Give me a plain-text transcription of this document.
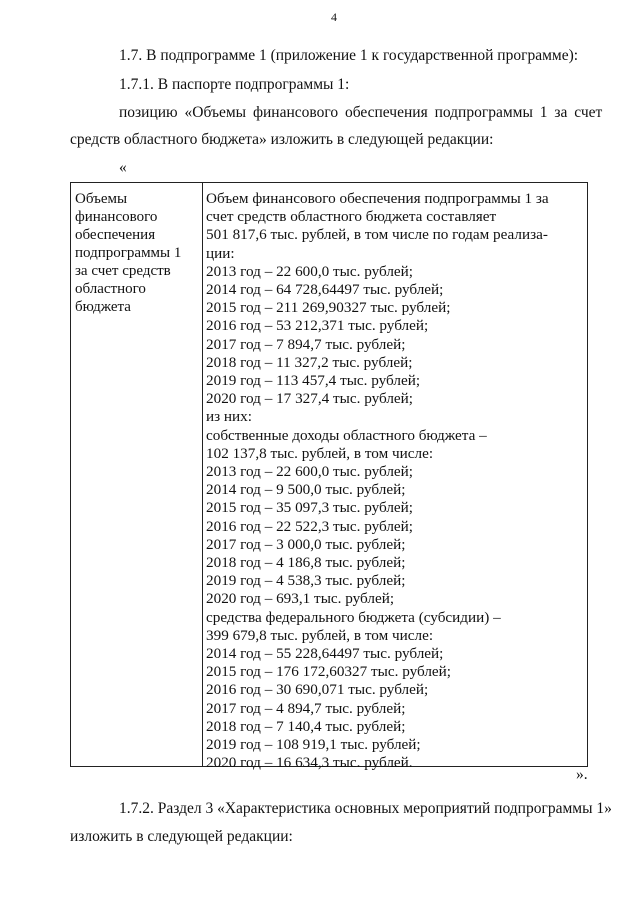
4
1.7. В подпрограмме 1 (приложение 1 к государственной программе):
1.7.1. В паспорте подпрограммы 1:
позицию «Объемы финансового обеспечения подпрограммы 1 за счет
средств областного бюджета» изложить в следующей редакции:
«
Объемы
финансового
обеспечения
подпрограммы 1
за счет средств
областного
бюджета
Объем финансового обеспечения подпрограммы 1 за
счет средств областного бюджета составляет
501 817,6 тыс. рублей, в том числе по годам реализа-
ции:
2013 год – 22 600,0 тыс. рублей;
2014 год – 64 728,64497 тыс. рублей;
2015 год – 211 269,90327 тыс. рублей;
2016 год – 53 212,371 тыс. рублей;
2017 год – 7 894,7 тыс. рублей;
2018 год – 11 327,2 тыс. рублей;
2019 год – 113 457,4 тыс. рублей;
2020 год – 17 327,4 тыс. рублей;
из них:
собственные доходы областного бюджета –
102 137,8 тыс. рублей, в том числе:
2013 год – 22 600,0 тыс. рублей;
2014 год – 9 500,0 тыс. рублей;
2015 год – 35 097,3 тыс. рублей;
2016 год – 22 522,3 тыс. рублей;
2017 год – 3 000,0 тыс. рублей;
2018 год – 4 186,8 тыс. рублей;
2019 год – 4 538,3 тыс. рублей;
2020 год – 693,1 тыс. рублей;
средства федерального бюджета (субсидии) –
399 679,8 тыс. рублей, в том числе:
2014 год – 55 228,64497 тыс. рублей;
2015 год – 176 172,60327 тыс. рублей;
2016 год – 30 690,071 тыс. рублей;
2017 год – 4 894,7 тыс. рублей;
2018 год – 7 140,4 тыс. рублей;
2019 год – 108 919,1 тыс. рублей;
2020 год – 16 634,3 тыс. рублей.
».
1.7.2. Раздел 3 «Характеристика основных мероприятий подпрограммы 1»
изложить в следующей редакции:
